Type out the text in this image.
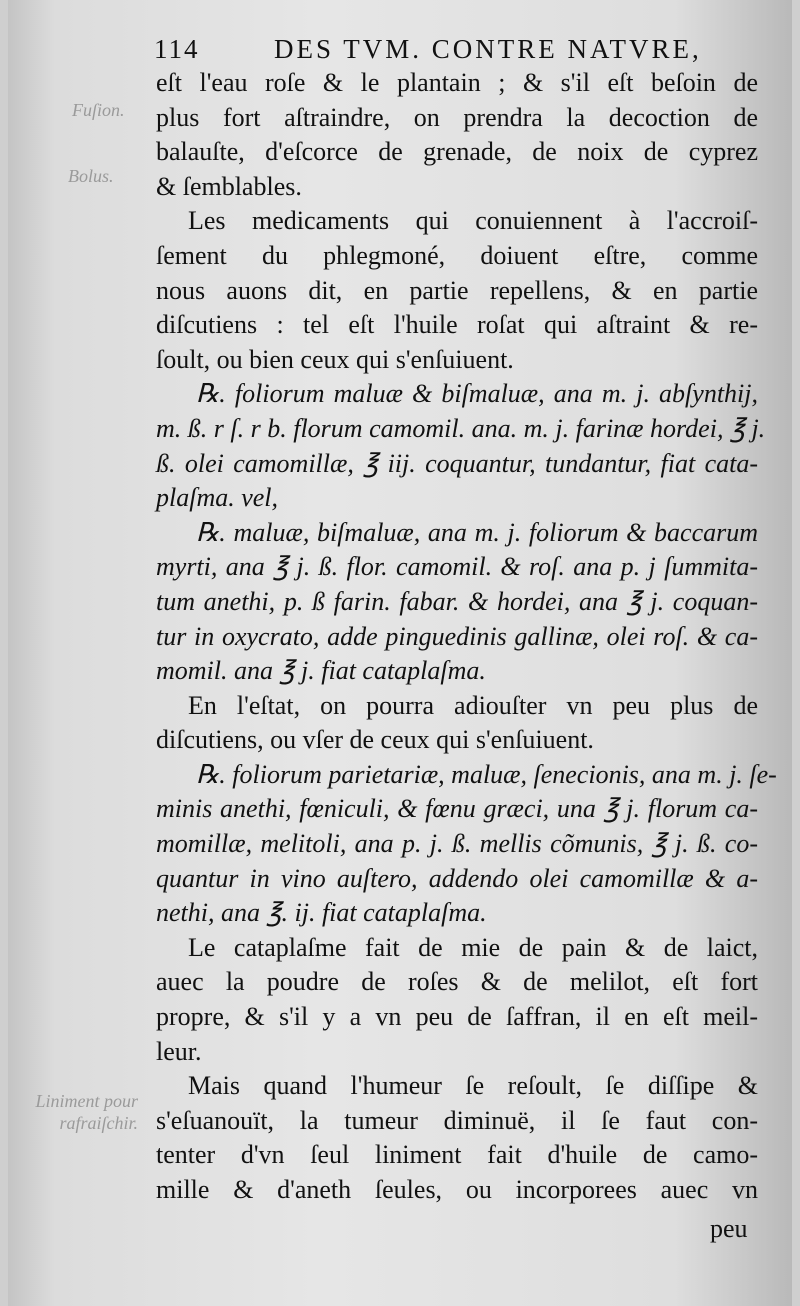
114	DES TVM. CONTRE NATVRE,
Fuſion.
Bolus.
Liniment pour rafraiſchir.
eſt l'eau roſe & le plantain ; & s'il eſt beſoin de
plus fort aſtraindre, on prendra la decoction de
balauſte, d'eſcorce de grenade, de noix de cyprez
& ſemblables.
Les medicaments qui conuiennent à l'accroiſ-
ſement du phlegmoné, doiuent eſtre, comme
nous auons dit, en partie repellens, & en partie
diſcutiens : tel eſt l'huile roſat qui aſtraint & re-
ſoult, ou bien ceux qui s'enſuiuent.
℞. foliorum maluæ & biſmaluæ, ana m. j. abſynthij,
m. ß. r ſ. r b. florum camomil. ana. m. j. farinæ hordei, ℥ j.
ß. olei camomillæ, ℥ iij. coquantur, tundantur, fiat cata-
plaſma. vel,
℞. maluæ, biſmaluæ, ana m. j. foliorum & baccarum
myrti, ana ℥ j. ß. flor. camomil. & roſ. ana p. j ſummita-
tum anethi, p. ß farin. fabar. & hordei, ana ℥ j. coquan-
tur in oxycrato, adde pinguedinis gallinæ, olei roſ. & ca-
momil. ana ℥ j. fiat cataplaſma.
En l'eſtat, on pourra adiouſter vn peu plus de
diſcutiens, ou vſer de ceux qui s'enſuiuent.
℞. foliorum parietariæ, maluæ, ſenecionis, ana m. j. ſe-
minis anethi, fœniculi, & fœnu græci, una ℥ j. florum ca-
momillæ, melitoli, ana p. j. ß. mellis cõmunis, ℥ j. ß. co-
quantur in vino auſtero, addendo olei camomillæ & a-
nethi, ana ℥. ij. fiat cataplaſma.
Le cataplaſme fait de mie de pain & de laict,
auec la poudre de roſes & de melilot, eſt fort
propre, & s'il y a vn peu de ſaffran, il en eſt meil-
leur.
Mais quand l'humeur ſe reſoult, ſe diſſipe &
s'eſuanouït, la tumeur diminuë, il ſe faut con-
tenter d'vn ſeul liniment fait d'huile de camo-
mille & d'aneth ſeules, ou incorporees auec vn
peu
